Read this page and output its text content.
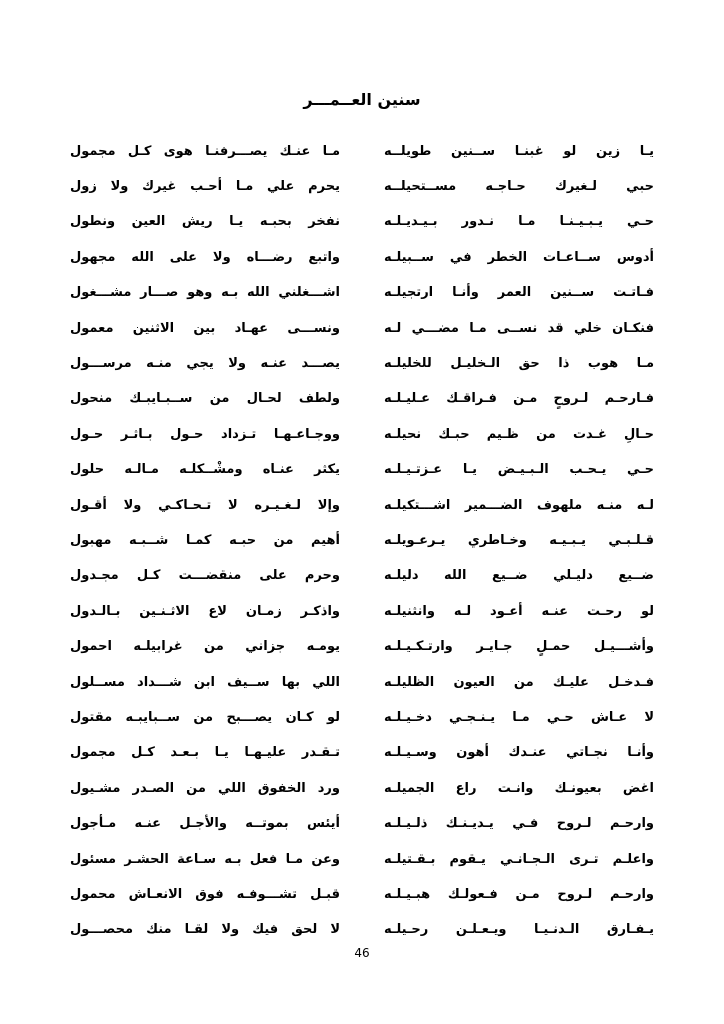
سنين العــمـــر
يـا زين لو غبنـا ســنين طويلــه
مـا عنـك يصـــرفنـا هوى كـل مجمول
حبي لـغيرك حـاجـه مســتحيلــه
يحرم علي مـا أحـب غيرك ولا زول
حـي يـبـيـنـا مـا نـدور بـيـديـلـه
نفخر بحبـه يـا ريش العين ونطول
أدوس ســاعـات الخطر في ســبيلـه
واتبع رضـــاه ولا على الله مجهول
فـاتـت ســنين العمر وأنـا ارتجيلـه
اشـــغلني الله بـه وهو صـــار مشـــغول
فنكـان خلي قد نســى مـا مضـــي لـه
ونســـى عهـاد بين الاثنين معمول
مـا هوب ذا حق الـخليـل للخليلـه
يصـــد عنـه ولا يجي منـه مرســـول
فـارحـم لـروحٍ مـن فـراقـك عـليـلـه
ولطف لحـال من ســبـايبـك منحول
حـالِ غـدت من ظـيم حبـك نحيلـه
ووجـاعـهـا تـزداد حـول بـاثـر حـول
حـي يـحـب الـبـيـض يـا عـزتـيـلـه
يكثر عنـاه ومشْــكلـه مـالـه حلول
لـه منـه ملهوف الضـــمير اشـــتكيلـه
وإلا لـغـيـره لا تـحـاكـي ولا أقـول
قـلـبـي يـبـيـه وخـاطري يـرعـويلـه
أهيم من حبـه كمـا شــبـه مهبول
ضــيع دليـلي ضــيع الله دليلـه
وحرم على منقضـــت كـل مجـدول
لو رحـت عنـه أعـود لـه وانثنيلـه
واذكـر زمـان لاع الاثـنـين بـالـدول
وأشـــيـل حمـلٍ جـايـر وارتـكـيـلـه
يومـه جزاني من غرابيلـه احمول
فـدخـل عليـك من العيون الظليلـه
اللي بها ســيف ابن شـــداد مســلول
لا عـاش حـي مـا يـنـجـي دخـيـلـه
لو كـان يصـــبح من ســبايبـه مقتول
وأنـا نجـاتي عنـدك أهون وسـيـلـه
تـقـدر عليـهـا يـا بـعـد كـل مجمول
اغض بعيونـك وانـت راع الجميلـه
ورد الخفوق اللي من الصـدر مشـيول
وارحـم لـروح فـي يـديـنـك ذلـيـلـه
أيئس بموتــه والأجـل عنـه مـأجول
واعلـم تـرى الـجـانـي يـقوم بـقـتيلـه
وعن مـا فعل بـه سـاعة الحشـر مسئول
وارحـم لـروح مـن فـعولـك هبـيـلـه
قبـل تشـــوفـه فوق الانعـاش محمول
يـفـارق الـدنـيـا ويـعـلـن رحـيلـه
لا لحق فيك ولا لقـا منك محصـــول
46
